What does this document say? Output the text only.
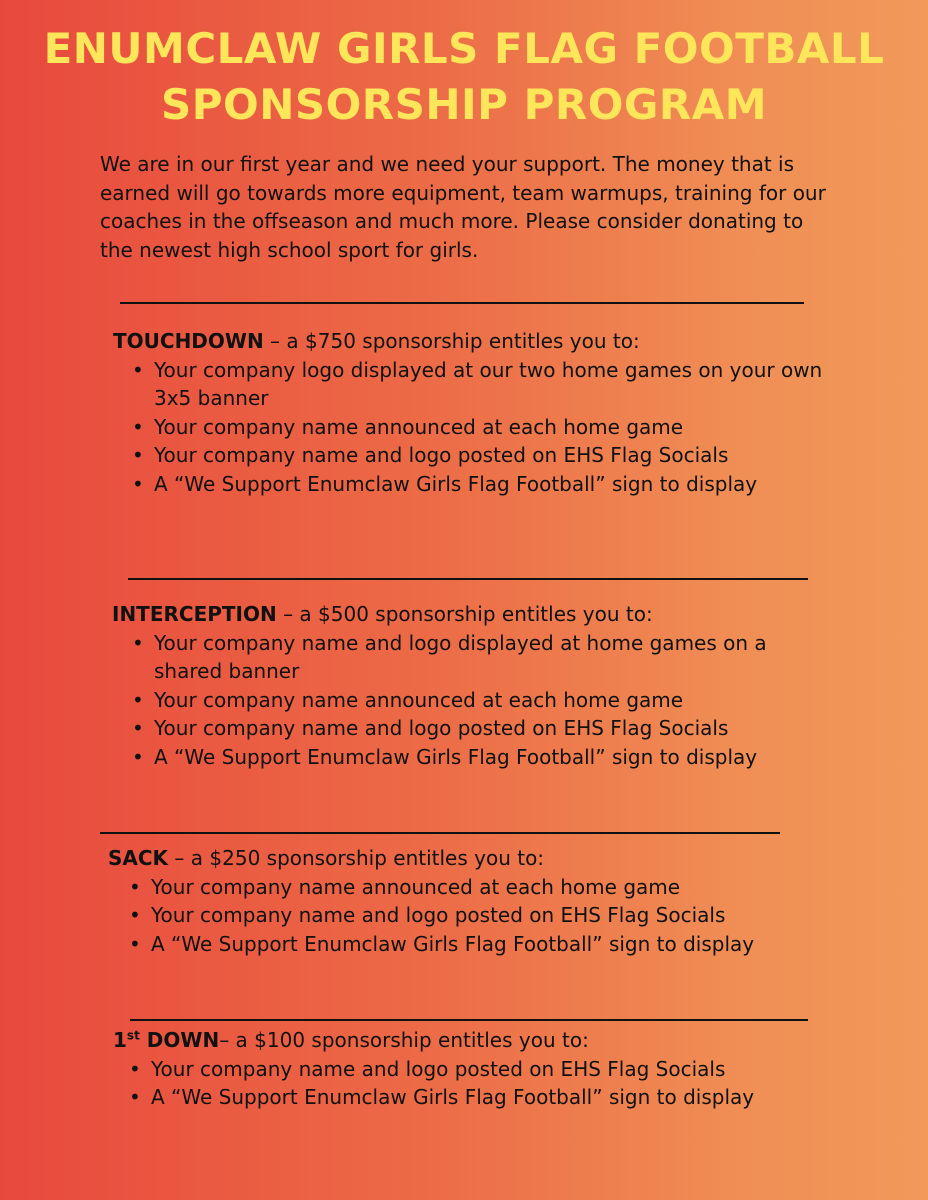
ENUMCLAW GIRLS FLAG FOOTBALL
SPONSORSHIP PROGRAM

We are in our first year and we need your support. The money that is earned will go towards more equipment, team warmups, training for our coaches in the offseason and much more. Please consider donating to the newest high school sport for girls.

TOUCHDOWN – a $750 sponsorship entitles you to:

• Your company logo displayed at our two home games on your own 3x5 banner
• Your company name announced at each home game
• Your company name and logo posted on EHS Flag Socials
• A “We Support Enumclaw Girls Flag Football” sign to display

INTERCEPTION – a $500 sponsorship entitles you to:

• Your company name and logo displayed at home games on a shared banner
• Your company name announced at each home game
• Your company name and logo posted on EHS Flag Socials
• A “We Support Enumclaw Girls Flag Football” sign to display

SACK – a $250 sponsorship entitles you to:

• Your company name announced at each home game
• Your company name and logo posted on EHS Flag Socials
• A “We Support Enumclaw Girls Flag Football” sign to display

1st DOWN– a $100 sponsorship entitles you to:

• Your company name and logo posted on EHS Flag Socials
• A “We Support Enumclaw Girls Flag Football” sign to display
